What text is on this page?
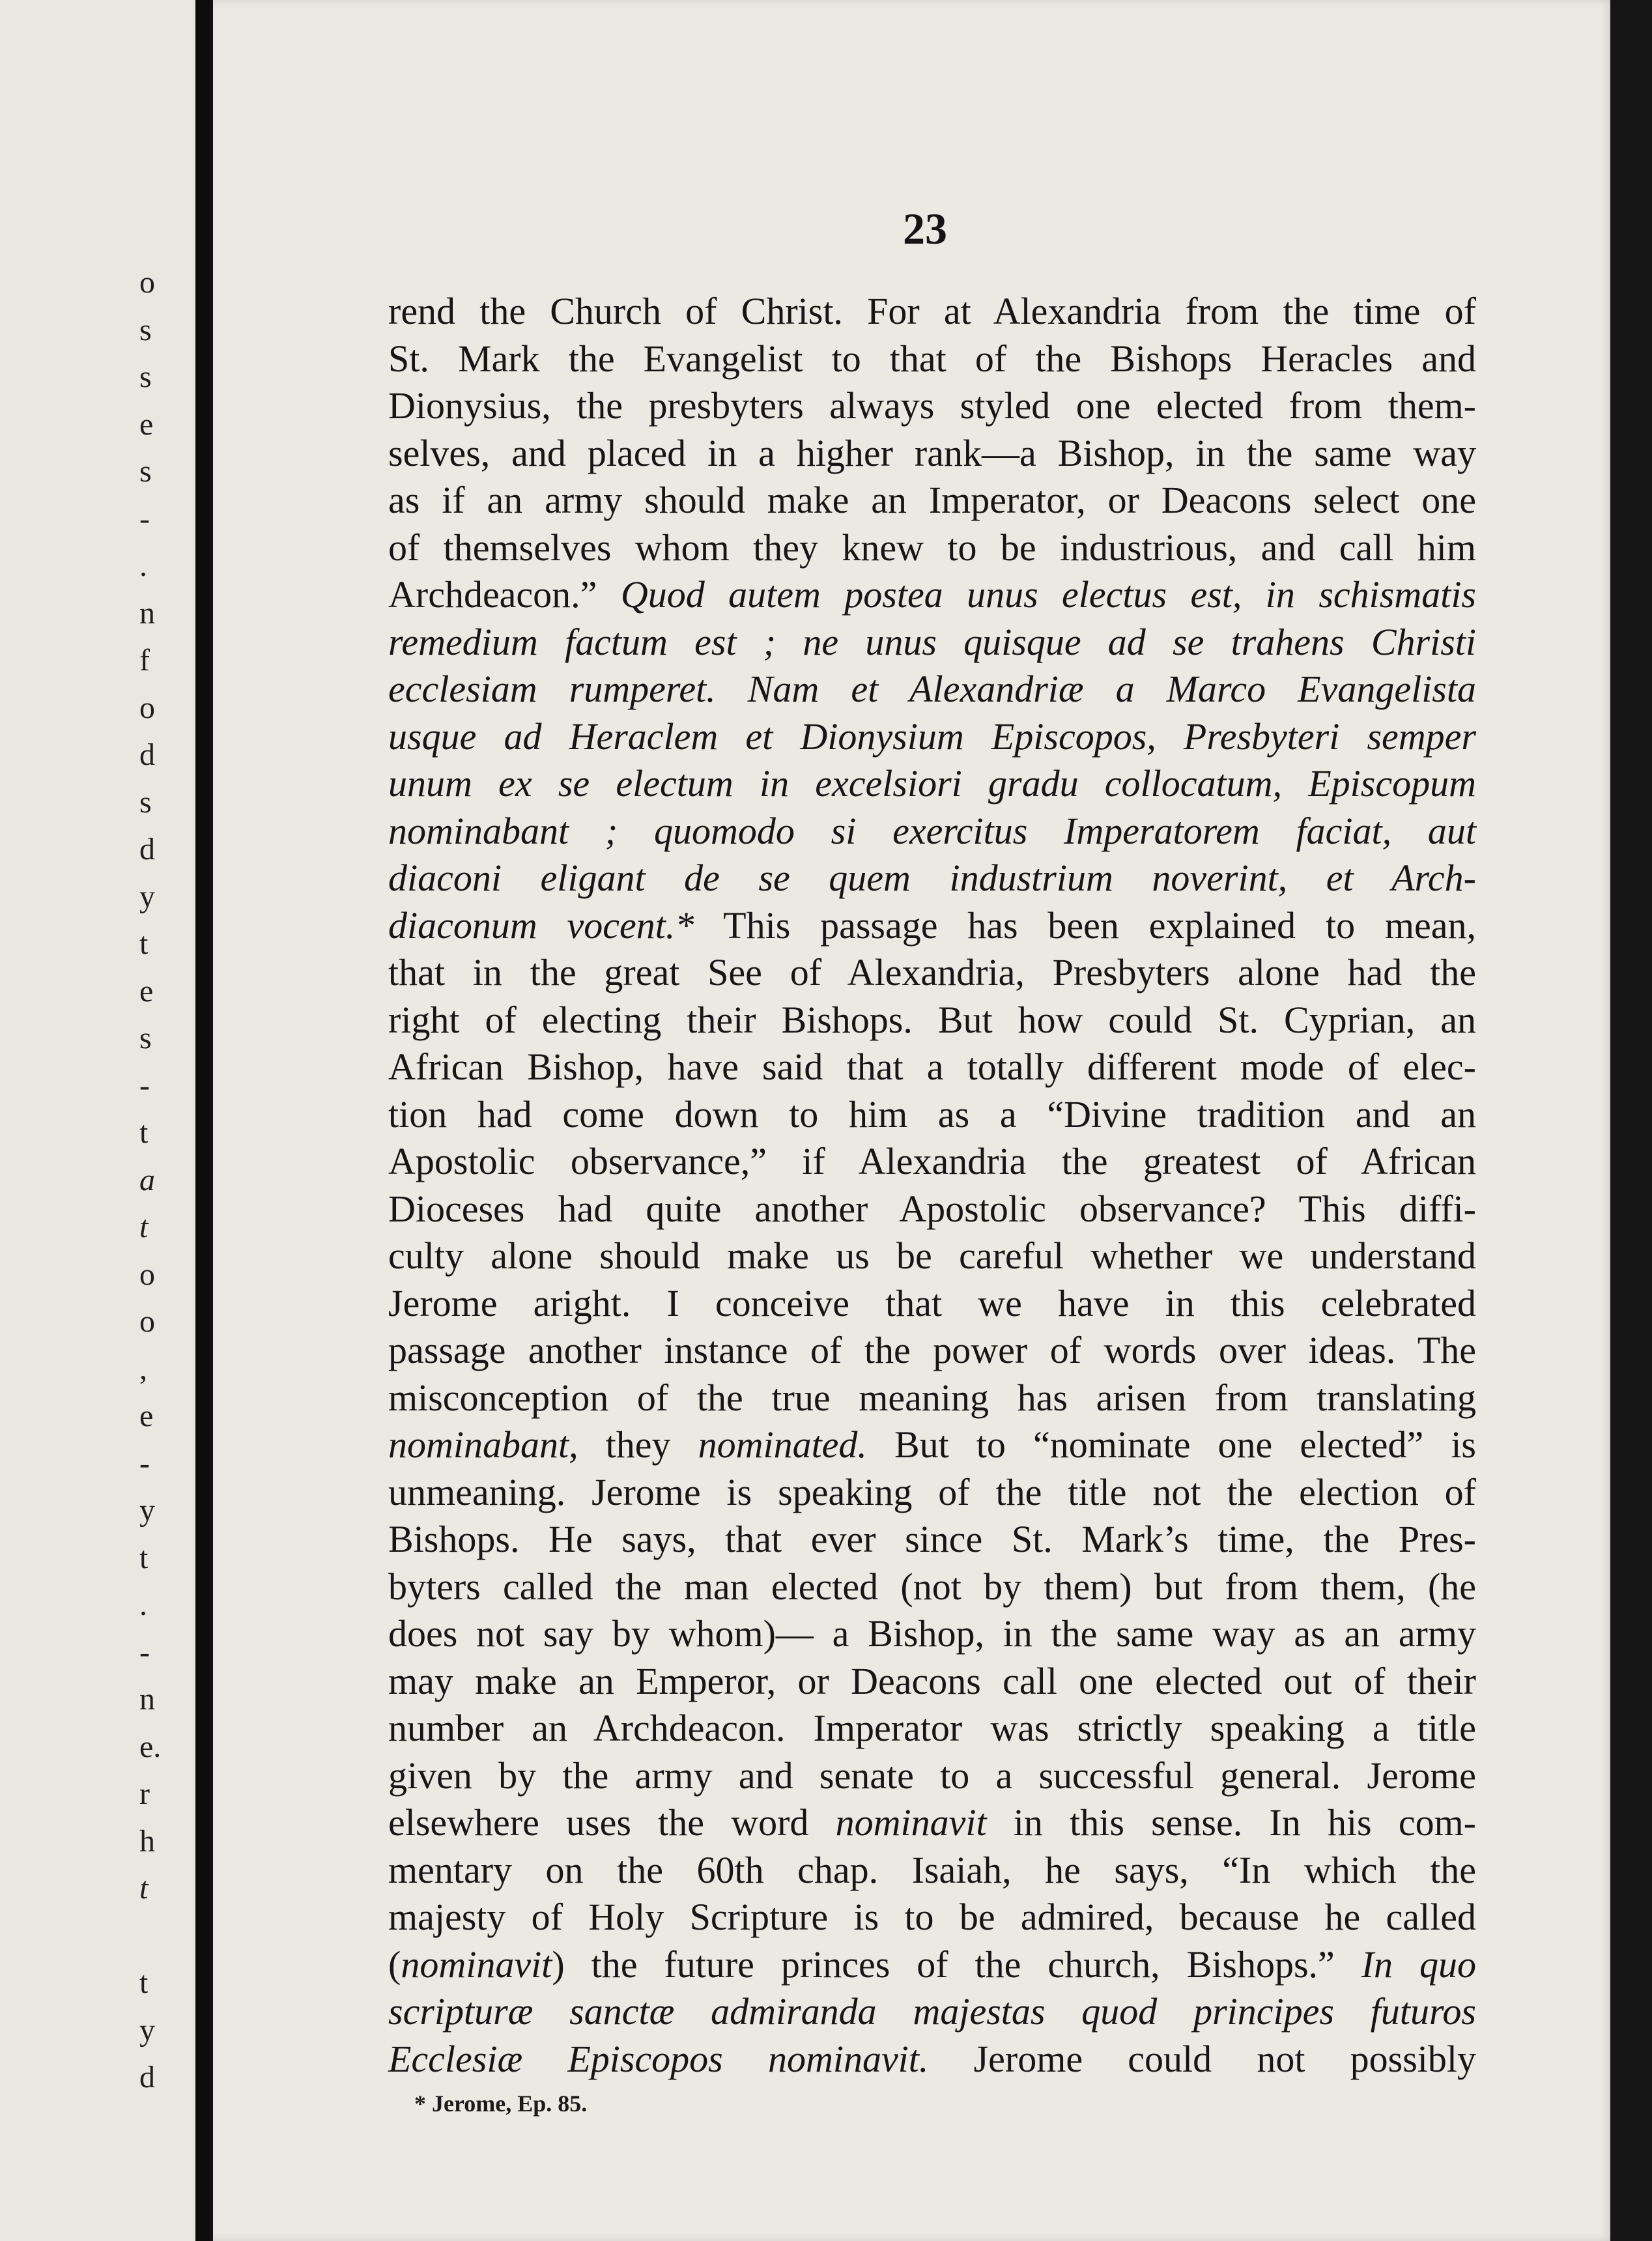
o
s
s
e
s
-
.
n
f
o
d
s
d
y
t
e
s
-
t
a
t
o
o
,
e
-
y
t
.
-
n
e.
r
h
t
t
y
d
23
rend the Church of Christ. For at Alexandria from the time of
St. Mark the Evangelist to that of the Bishops Heracles and
Dionysius, the presbyters always styled one elected from them-
selves, and placed in a higher rank—a Bishop, in the same way
as if an army should make an Imperator, or Deacons select one
of themselves whom they knew to be industrious, and call him
Archdeacon.” Quod autem postea unus electus est, in schismatis
remedium factum est ; ne unus quisque ad se trahens Christi
ecclesiam rumperet. Nam et Alexandriæ a Marco Evangelista
usque ad Heraclem et Dionysium Episcopos, Presbyteri semper
unum ex se electum in excelsiori gradu collocatum, Episcopum
nominabant ; quomodo si exercitus Imperatorem faciat, aut
diaconi eligant de se quem industrium noverint, et Arch-
diaconum vocent.* This passage has been explained to mean,
that in the great See of Alexandria, Presbyters alone had the
right of electing their Bishops. But how could St. Cyprian, an
African Bishop, have said that a totally different mode of elec-
tion had come down to him as a “Divine tradition and an
Apostolic observance,” if Alexandria the greatest of African
Dioceses had quite another Apostolic observance? This diffi-
culty alone should make us be careful whether we understand
Jerome aright. I conceive that we have in this celebrated
passage another instance of the power of words over ideas. The
misconception of the true meaning has arisen from translating
nominabant, they nominated. But to “nominate one elected” is
unmeaning. Jerome is speaking of the title not the election of
Bishops. He says, that ever since St. Mark’s time, the Pres-
byters called the man elected (not by them) but from them, (he
does not say by whom)— a Bishop, in the same way as an army
may make an Emperor, or Deacons call one elected out of their
number an Archdeacon. Imperator was strictly speaking a title
given by the army and senate to a successful general. Jerome
elsewhere uses the word nominavit in this sense. In his com-
mentary on the 60th chap. Isaiah, he says, “In which the
majesty of Holy Scripture is to be admired, because he called
(nominavit) the future princes of the church, Bishops.” In quo
scripturæ sanctæ admiranda majestas quod principes futuros
Ecclesiæ Episcopos nominavit. Jerome could not possibly
* Jerome, Ep. 85.
